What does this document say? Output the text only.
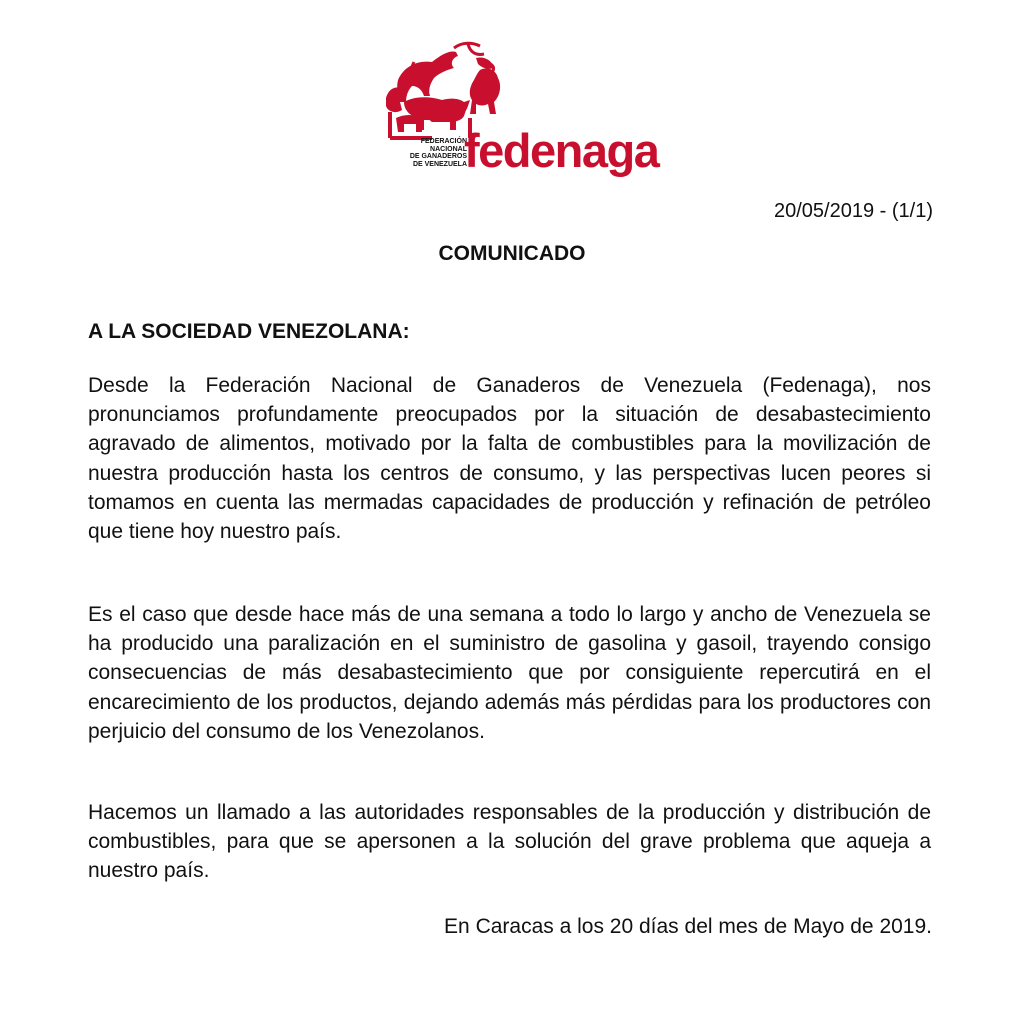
FEDERACIÓN
NACIONAL
DE GANADEROS
DE VENEZUELA
fedenaga
20/05/2019 - (1/1)
COMUNICADO
A LA SOCIEDAD VENEZOLANA:

Desde la Federación Nacional de Ganaderos de Venezuela (Fedenaga), nos pronunciamos profundamente preocupados por la situación de desabastecimiento agravado de alimentos, motivado por la falta de combustibles para la movilización de nuestra producción hasta los centros de consumo, y las perspectivas lucen peores si tomamos en cuenta las mermadas capacidades de producción y refinación de petróleo que tiene hoy nuestro país.

Es el caso que desde hace más de una semana a todo lo largo y ancho de Venezuela se ha producido una paralización en el suministro de gasolina y gasoil, trayendo consigo consecuencias de más desabastecimiento que por consiguiente repercutirá en el encarecimiento de los productos, dejando además más pérdidas para los productores con perjuicio del consumo de los Venezolanos.

Hacemos un llamado a las autoridades responsables de la producción y distribución de combustibles, para que se apersonen a la solución del grave problema que aqueja a nuestro país.

En Caracas a los 20 días del mes de Mayo de 2019.
